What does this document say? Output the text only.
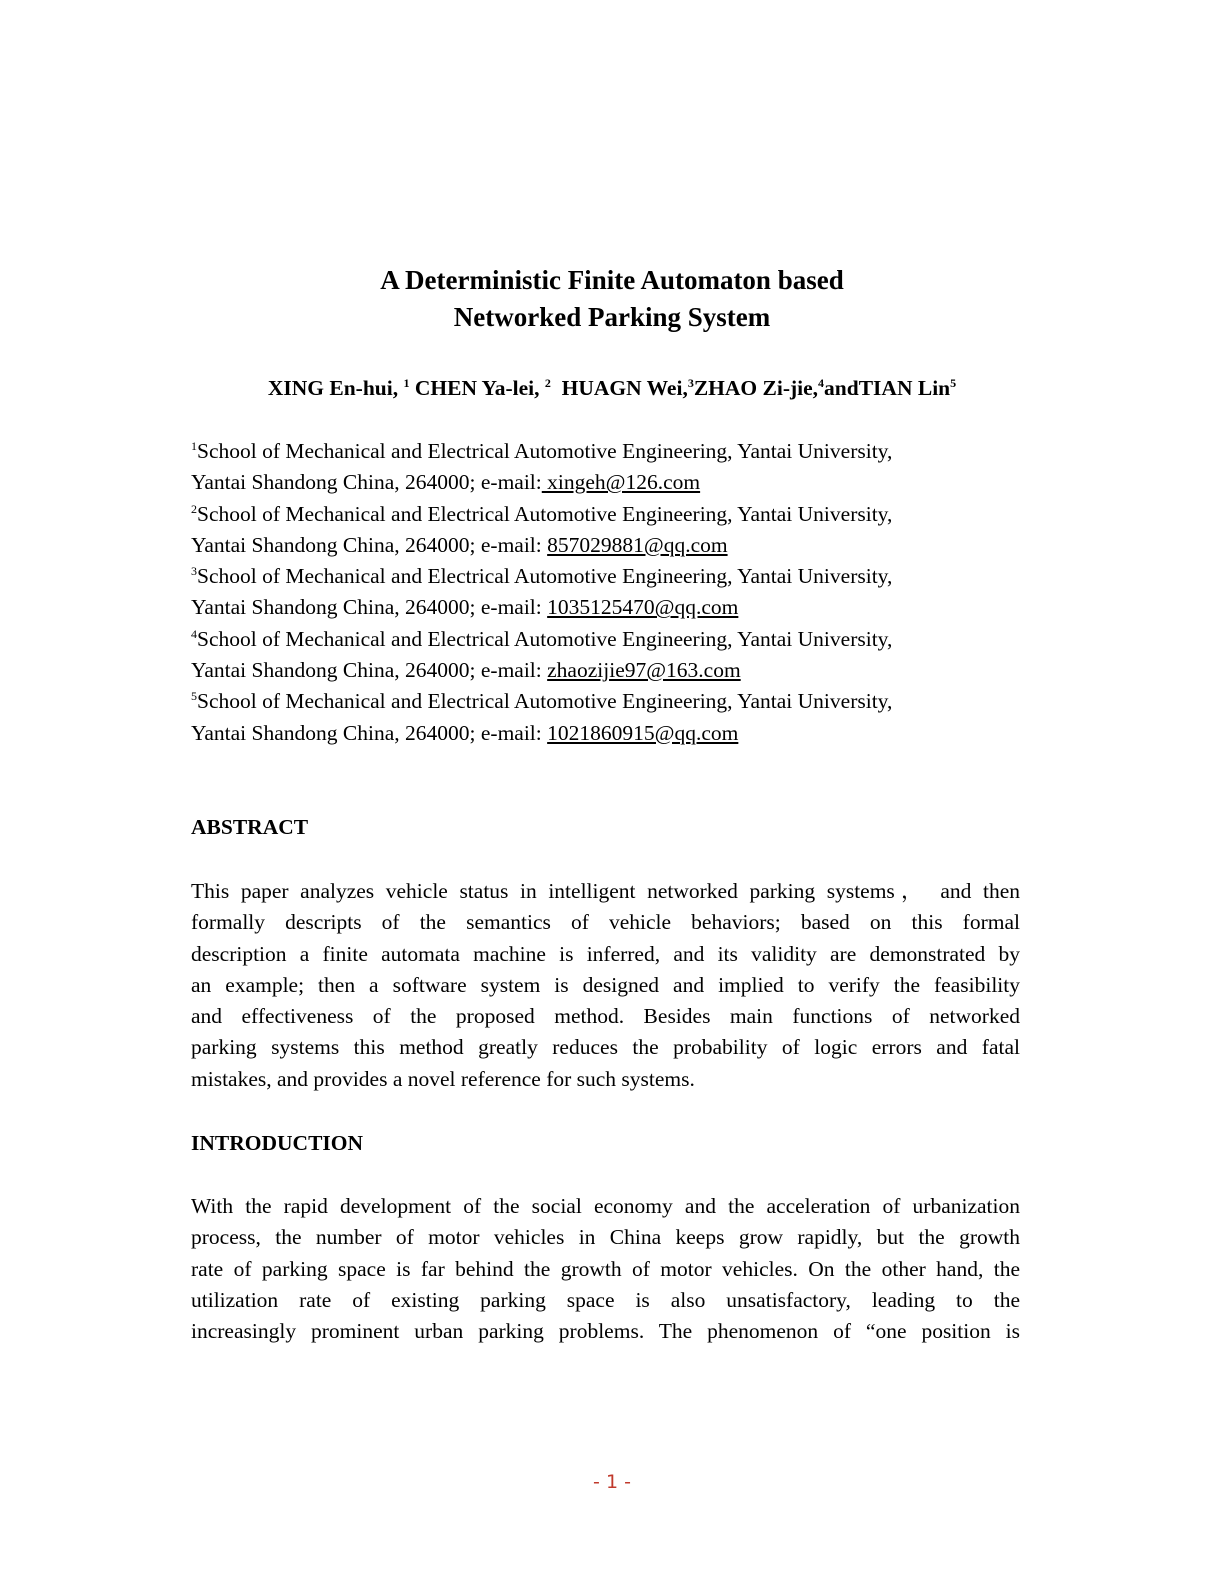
A Deterministic Finite Automaton based
Networked Parking System
XING En-hui, $^1$ CHEN Ya-lei, $^2$ HUAGN Wei,$^3$ZHAO Zi-jie,$^4$andTIAN Lin$^5$
$^1$School of Mechanical and Electrical Automotive Engineering, Yantai University,
Yantai Shandong China, 264000; e-mail: xingeh@126.com
$^2$School of Mechanical and Electrical Automotive Engineering, Yantai University,
Yantai Shandong China, 264000; e-mail: 857029881@qq.com
$^3$School of Mechanical and Electrical Automotive Engineering, Yantai University,
Yantai Shandong China, 264000; e-mail: 1035125470@qq.com
$^4$School of Mechanical and Electrical Automotive Engineering, Yantai University,
Yantai Shandong China, 264000; e-mail: zhaozijie97@163.com
$^5$School of Mechanical and Electrical Automotive Engineering, Yantai University,
Yantai Shandong China, 264000; e-mail: 1021860915@qq.com
ABSTRACT
This paper analyzes vehicle status in intelligent networked parking systems， and then
formally descripts of the semantics of vehicle behaviors; based on this formal
description a finite automata machine is inferred, and its validity are demonstrated by
an example; then a software system is designed and implied to verify the feasibility
and effectiveness of the proposed method. Besides main functions of networked
parking systems this method greatly reduces the probability of logic errors and fatal
mistakes, and provides a novel reference for such systems.
INTRODUCTION
With the rapid development of the social economy and the acceleration of urbanization
process, the number of motor vehicles in China keeps grow rapidly, but the growth
rate of parking space is far behind the growth of motor vehicles. On the other hand, the
utilization rate of existing parking space is also unsatisfactory, leading to the
increasingly prominent urban parking problems. The phenomenon of “one position is
- 1 -
